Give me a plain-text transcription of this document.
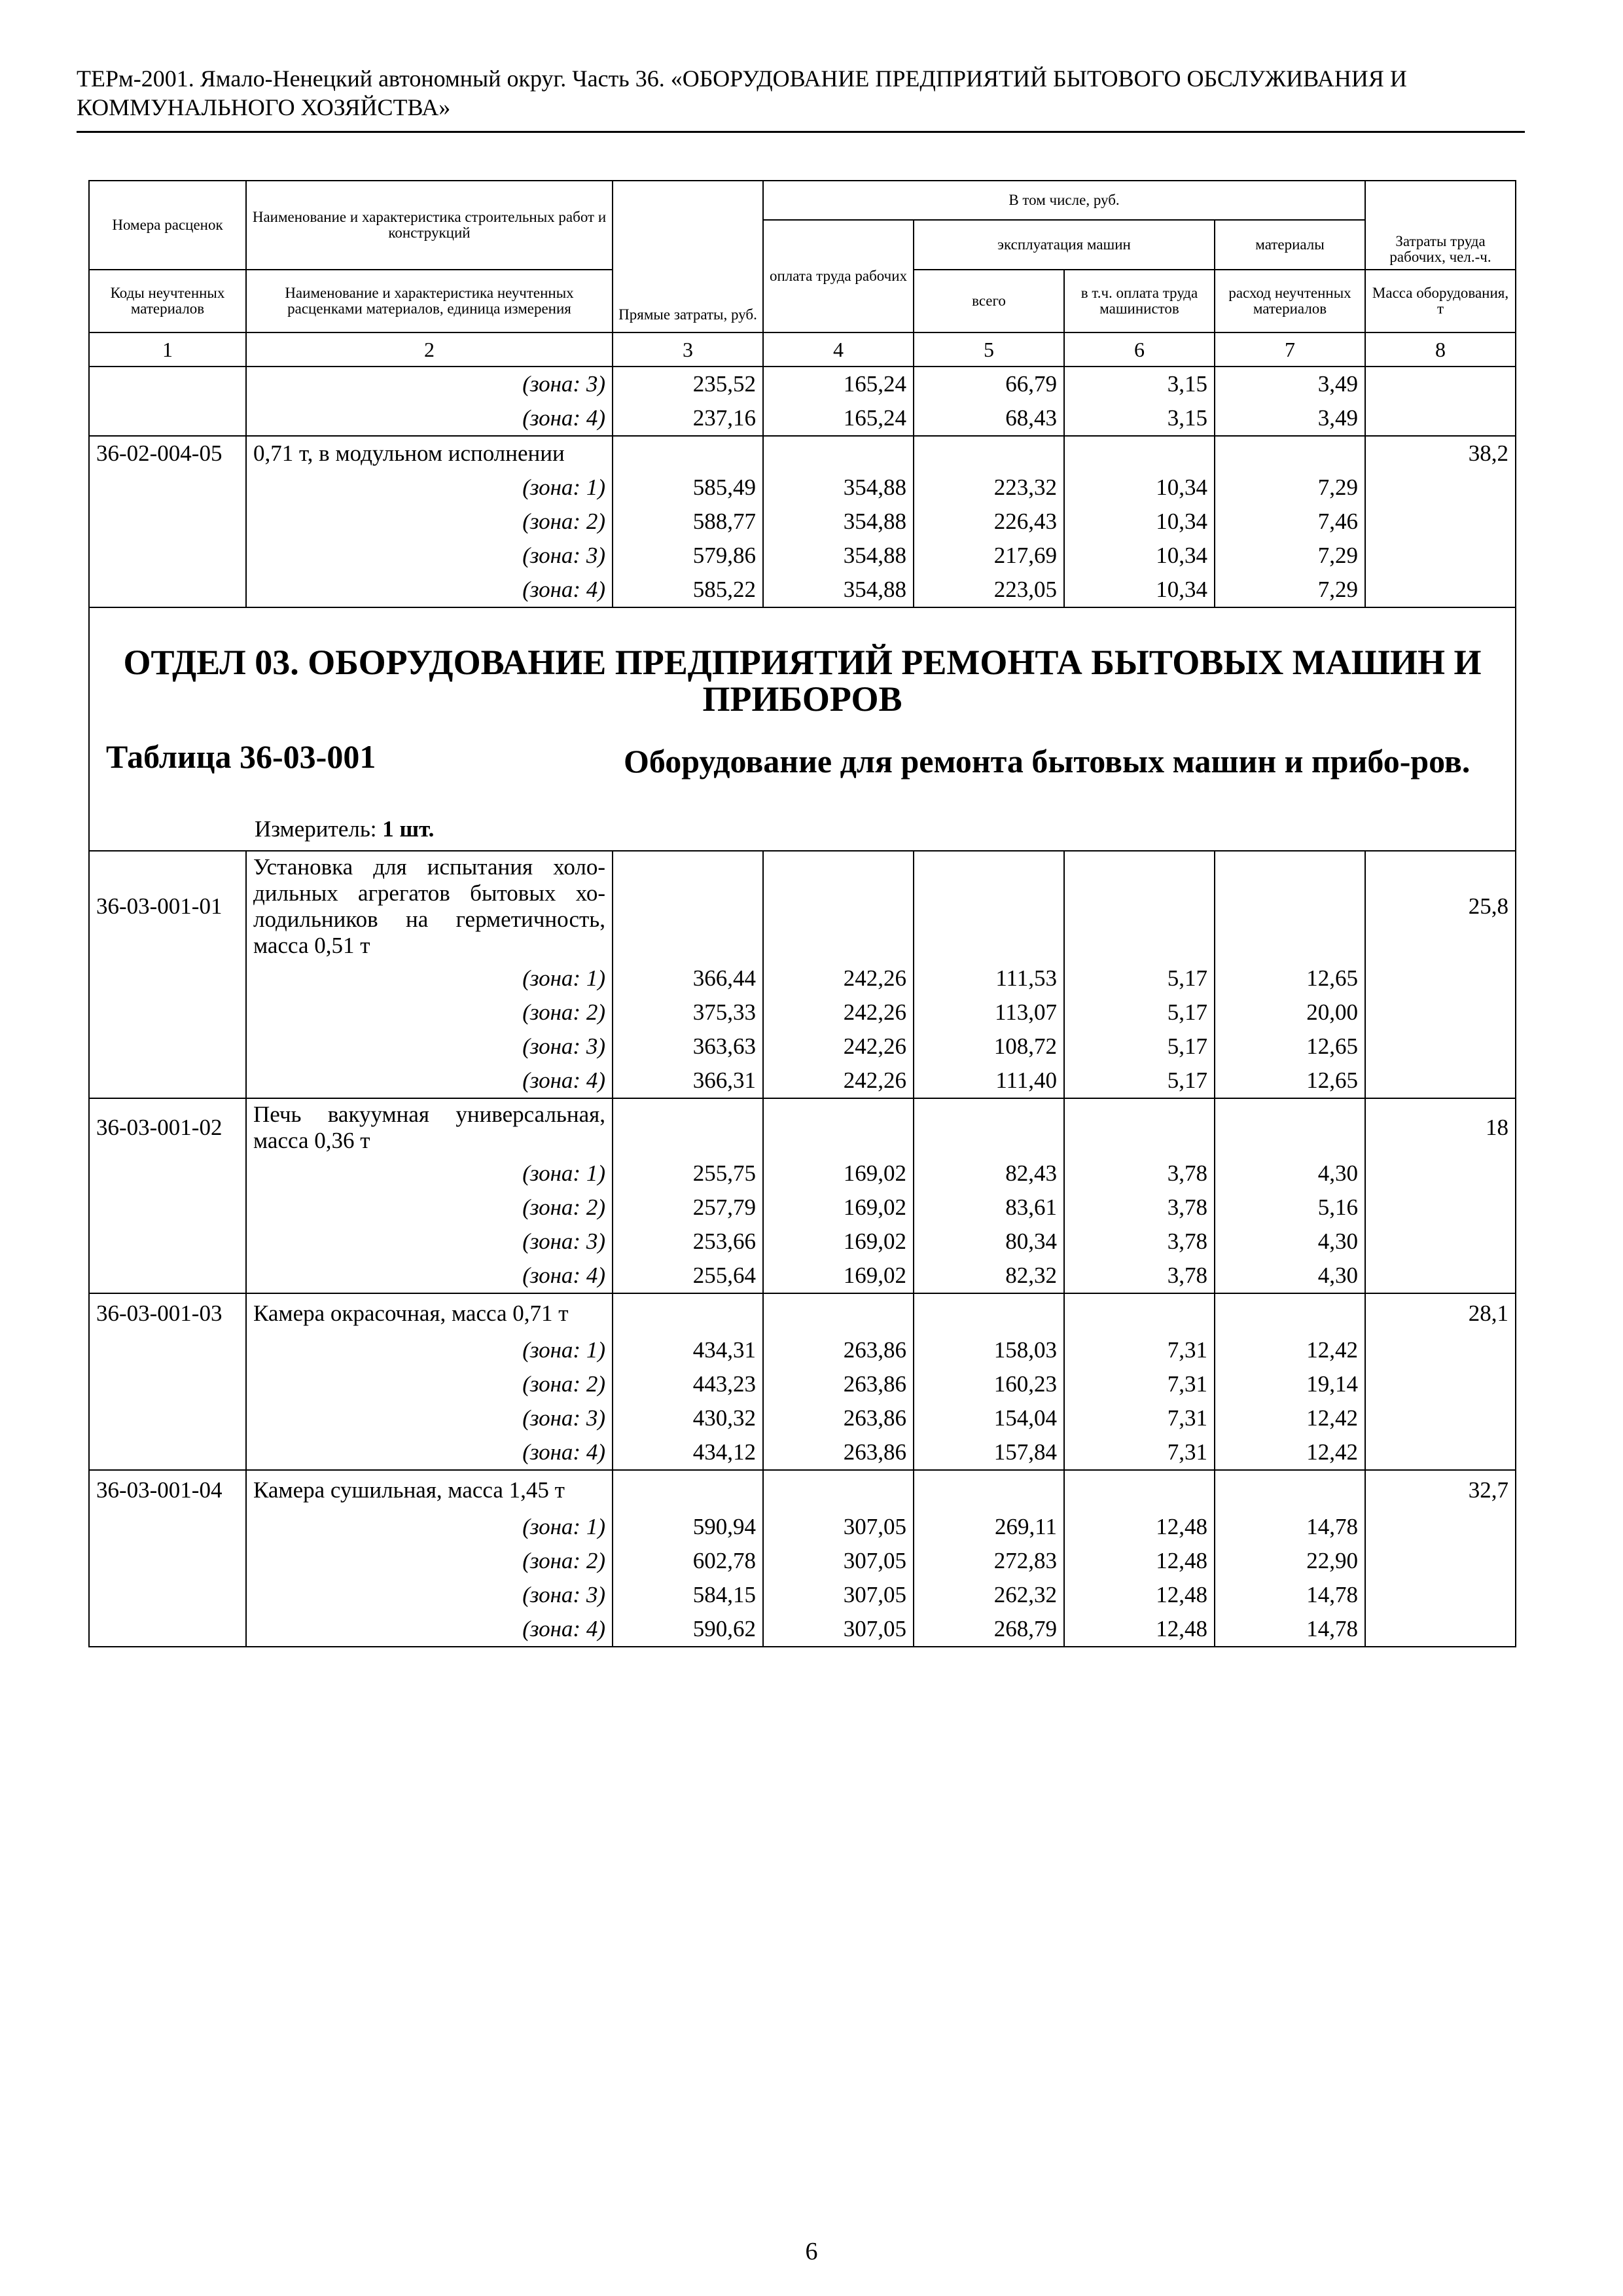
ТЕРм-2001. Ямало-Ненецкий автономный округ. Часть 36. «ОБОРУДОВАНИЕ ПРЕДПРИЯТИЙ БЫТОВОГО ОБСЛУЖИВАНИЯ И
КОММУНАЛЬНОГО ХОЗЯЙСТВА»
Номера расценок	Наименование и характеристика строительных работ и конструкций	Прямые затраты, руб.	В том числе, руб.				Затраты труда рабочих, чел.-ч.
			оплата труда рабочих	эксплуатация машин		материалы	
Коды неучтенных материалов	Наименование и характеристика неучтенных расценками материалов, единица измерения			всего	в т.ч. оплата труда машинистов	расход неучтенных материалов	Масса оборудования, т
1	2	3	4	5	6	7	8
	(зона: 3)	235,52	165,24	66,79	3,15	3,49	
	(зона: 4)	237,16	165,24	68,43	3,15	3,49	
36-02-004-05	0,71 т, в модульном исполнении						38,2
	(зона: 1)	585,49	354,88	223,32	10,34	7,29	
	(зона: 2)	588,77	354,88	226,43	10,34	7,46	
	(зона: 3)	579,86	354,88	217,69	10,34	7,29	
	(зона: 4)	585,22	354,88	223,05	10,34	7,29	

ОТДЕЛ 03. ОБОРУДОВАНИЕ ПРЕДПРИЯТИЙ РЕМОНТА БЫТОВЫХ МАШИН И ПРИБОРОВ
Таблица 36-03-001 Оборудование для ремонта бытовых машин и прибо-ров.
Измеритель: 1 шт.							

36-03-001-01	Установка для испытания холо-дильных агрегатов бытовых хо-лодильников на герметичность, масса 0,51 т						25,8
	(зона: 1)	366,44	242,26	111,53	5,17	12,65	
	(зона: 2)	375,33	242,26	113,07	5,17	20,00	
	(зона: 3)	363,63	242,26	108,72	5,17	12,65	
	(зона: 4)	366,31	242,26	111,40	5,17	12,65	
36-03-001-02	Печь вакуумная универсальная, масса 0,36 т						18
	(зона: 1)	255,75	169,02	82,43	3,78	4,30	
	(зона: 2)	257,79	169,02	83,61	3,78	5,16	
	(зона: 3)	253,66	169,02	80,34	3,78	4,30	
	(зона: 4)	255,64	169,02	82,32	3,78	4,30	
36-03-001-03	Камера окрасочная, масса 0,71 т						28,1
	(зона: 1)	434,31	263,86	158,03	7,31	12,42	
	(зона: 2)	443,23	263,86	160,23	7,31	19,14	
	(зона: 3)	430,32	263,86	154,04	7,31	12,42	
	(зона: 4)	434,12	263,86	157,84	7,31	12,42	
36-03-001-04	Камера сушильная, масса 1,45 т						32,7
	(зона: 1)	590,94	307,05	269,11	12,48	14,78	
	(зона: 2)	602,78	307,05	272,83	12,48	22,90	
	(зона: 3)	584,15	307,05	262,32	12,48	14,78	
	(зона: 4)	590,62	307,05	268,79	12,48	14,78	
6
